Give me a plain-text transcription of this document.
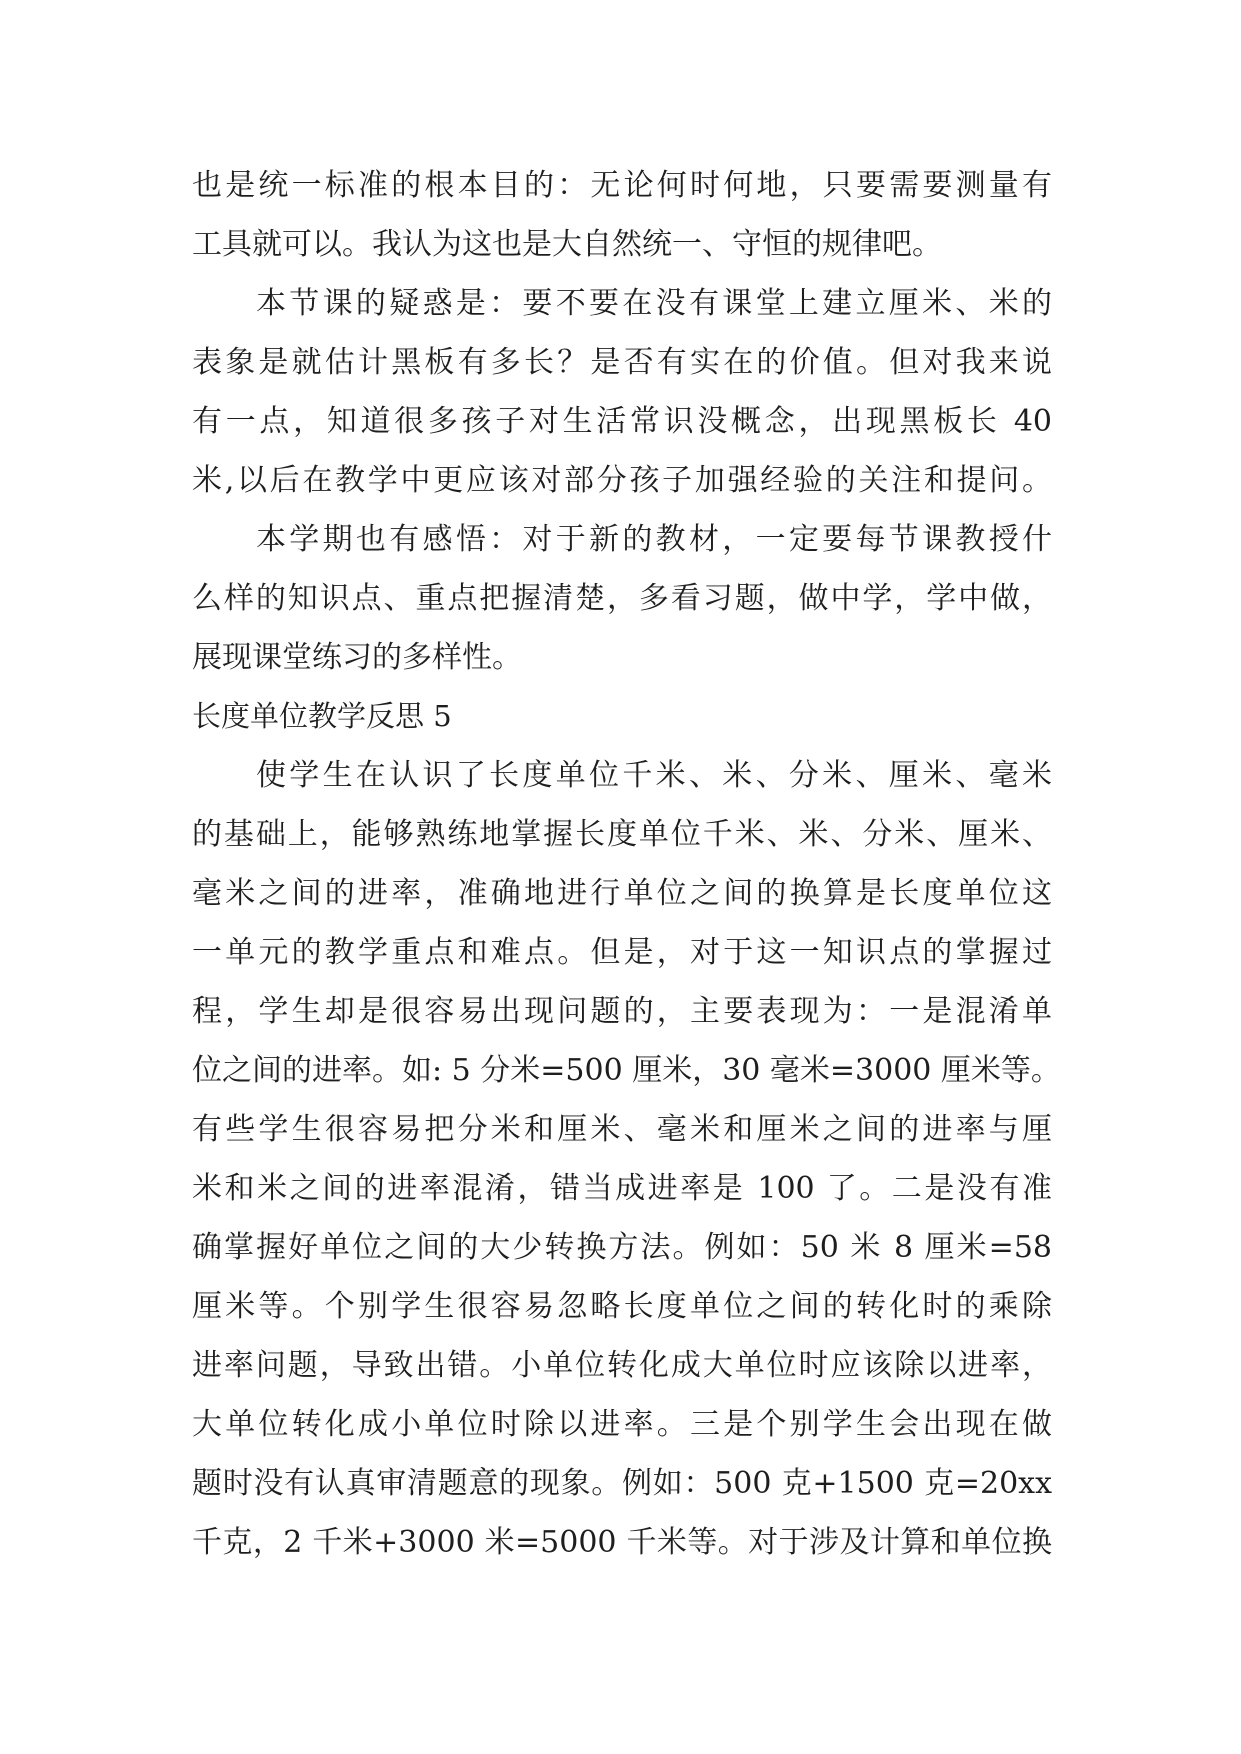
也是统一标准的根本目的：无论何时何地，只要需要测量有
工具就可以。我认为这也是大自然统一、守恒的规律吧。
本节课的疑惑是：要不要在没有课堂上建立厘米、米的
表象是就估计黑板有多长？是否有实在的价值。但对我来说
有一点，知道很多孩子对生活常识没概念，出现黑板长 40
米,以后在教学中更应该对部分孩子加强经验的关注和提问。
本学期也有感悟：对于新的教材，一定要每节课教授什
么样的知识点、重点把握清楚，多看习题，做中学，学中做，
展现课堂练习的多样性。
长度单位教学反思 5
使学生在认识了长度单位千米、米、分米、厘米、毫米
的基础上，能够熟练地掌握长度单位千米、米、分米、厘米、
毫米之间的进率，准确地进行单位之间的换算是长度单位这
一单元的教学重点和难点。但是，对于这一知识点的掌握过
程，学生却是很容易出现问题的，主要表现为：一是混淆单
位之间的进率。如: 5 分米=500 厘米，30 毫米=3000 厘米等。
有些学生很容易把分米和厘米、毫米和厘米之间的进率与厘
米和米之间的进率混淆，错当成进率是 100 了。二是没有准
确掌握好单位之间的大少转换方法。例如：50 米 8 厘米=58
厘米等。个别学生很容易忽略长度单位之间的转化时的乘除
进率问题，导致出错。小单位转化成大单位时应该除以进率，
大单位转化成小单位时除以进率。三是个别学生会出现在做
题时没有认真审清题意的现象。例如：500 克+1500 克=20xx
千克，2 千米+3000 米=5000 千米等。对于涉及计算和单位换
